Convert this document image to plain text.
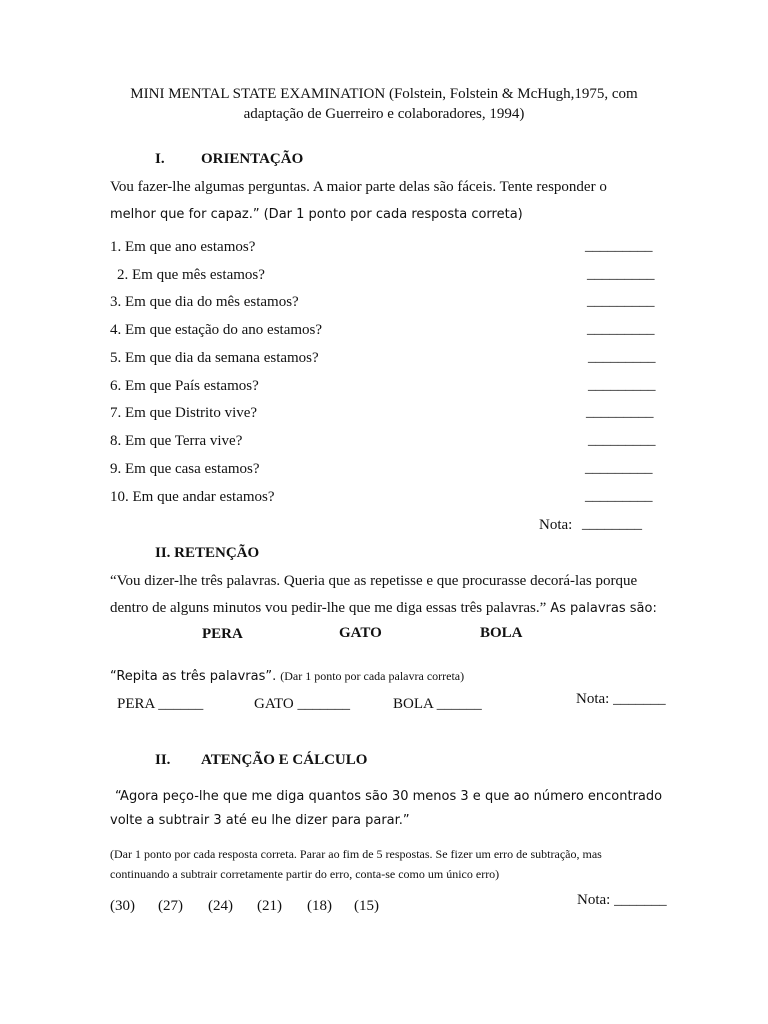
MINI MENTAL STATE EXAMINATION (Folstein, Folstein & McHugh,1975, com
adaptação de Guerreiro e colaboradores, 1994)
I. ORIENTAÇÃO
Vou fazer-lhe algumas perguntas. A maior parte delas são fáceis. Tente responder o
melhor que for capaz.” (Dar 1 ponto por cada resposta correta)
1. Em que ano estamos?	_________
2. Em que mês estamos?	_________
3. Em que dia do mês estamos?	_________
4. Em que estação do ano estamos?	_________
5. Em que dia da semana estamos?	_________
6. Em que País estamos?	_________
7. Em que Distrito vive?	_________
8. Em que Terra vive?	_________
9. Em que casa estamos?	_________
10. Em que andar estamos?	_________
Nota: ________
II. RETENÇÃO
“Vou dizer-lhe três palavras. Queria que as repetisse e que procurasse decorá-las porque
dentro de alguns minutos vou pedir-lhe que me diga essas três palavras.” As palavras são:
PERA	GATO	BOLA
“Repita as três palavras”. (Dar 1 ponto por cada palavra correta)
PERA ______	GATO _______	BOLA ______	Nota: _______
II. ATENÇÃO E CÁLCULO
“Agora peço-lhe que me diga quantos são 30 menos 3 e que ao número encontrado
volte a subtrair 3 até eu lhe dizer para parar.”
(Dar 1 ponto por cada resposta correta. Parar ao fim de 5 respostas. Se fizer um erro de subtração, mas
continuando a subtrair corretamente partir do erro, conta-se como um único erro)
(30) (27) (24) (21) (18) (15)	Nota: _______
